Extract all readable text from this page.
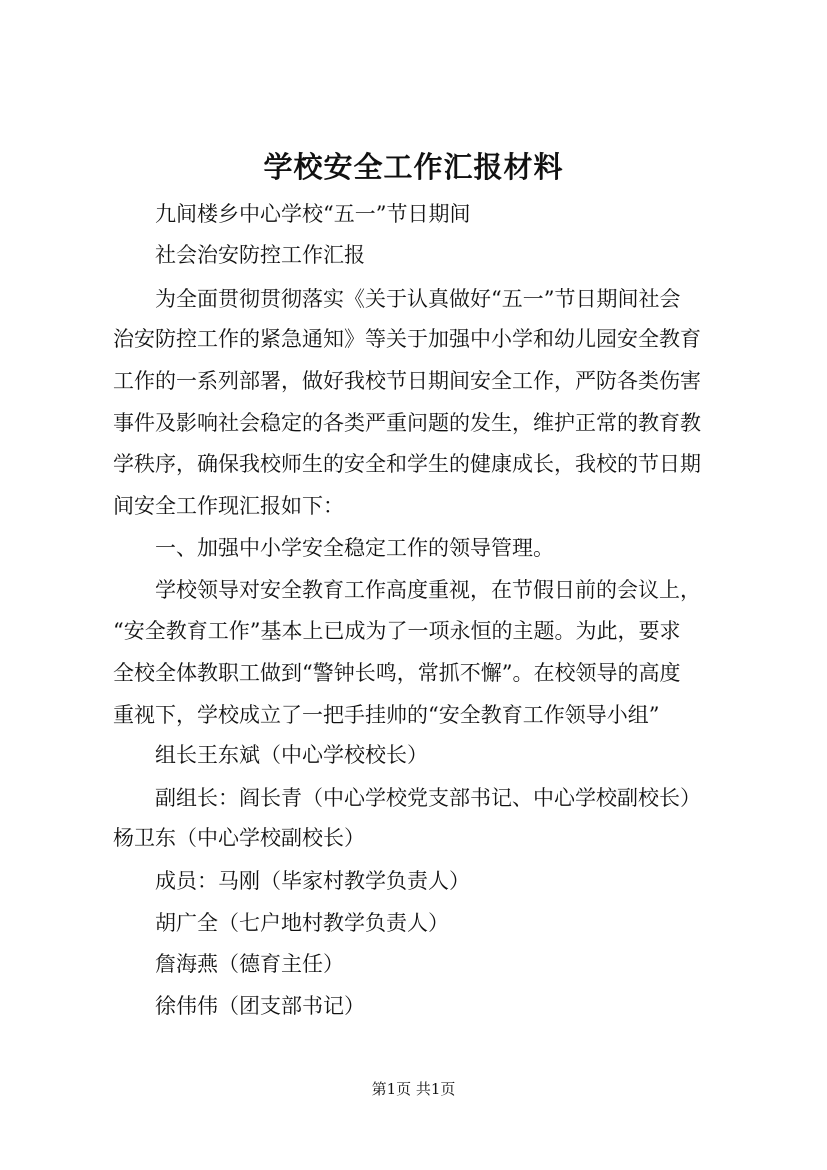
学校安全工作汇报材料
九间楼乡中心学校“五一”节日期间
社会治安防控工作汇报
为全面贯彻贯彻落实《关于认真做好“五一”节日期间社会
治安防控工作的紧急通知》等关于加强中小学和幼儿园安全教育
工作的一系列部署，做好我校节日期间安全工作，严防各类伤害
事件及影响社会稳定的各类严重问题的发生，维护正常的教育教
学秩序，确保我校师生的安全和学生的健康成长，我校的节日期
间安全工作现汇报如下：
一、加强中小学安全稳定工作的领导管理。
学校领导对安全教育工作高度重视，在节假日前的会议上，
“安全教育工作”基本上已成为了一项永恒的主题。为此，要求
全校全体教职工做到“警钟长鸣，常抓不懈”。在校领导的高度
重视下，学校成立了一把手挂帅的“安全教育工作领导小组”
组长王东斌（中心学校校长）
副组长：阎长青（中心学校党支部书记、中心学校副校长）
杨卫东（中心学校副校长）
成员：马刚（毕家村教学负责人）
胡广全（七户地村教学负责人）
詹海燕（德育主任）
徐伟伟（团支部书记）
第1页 共1页
